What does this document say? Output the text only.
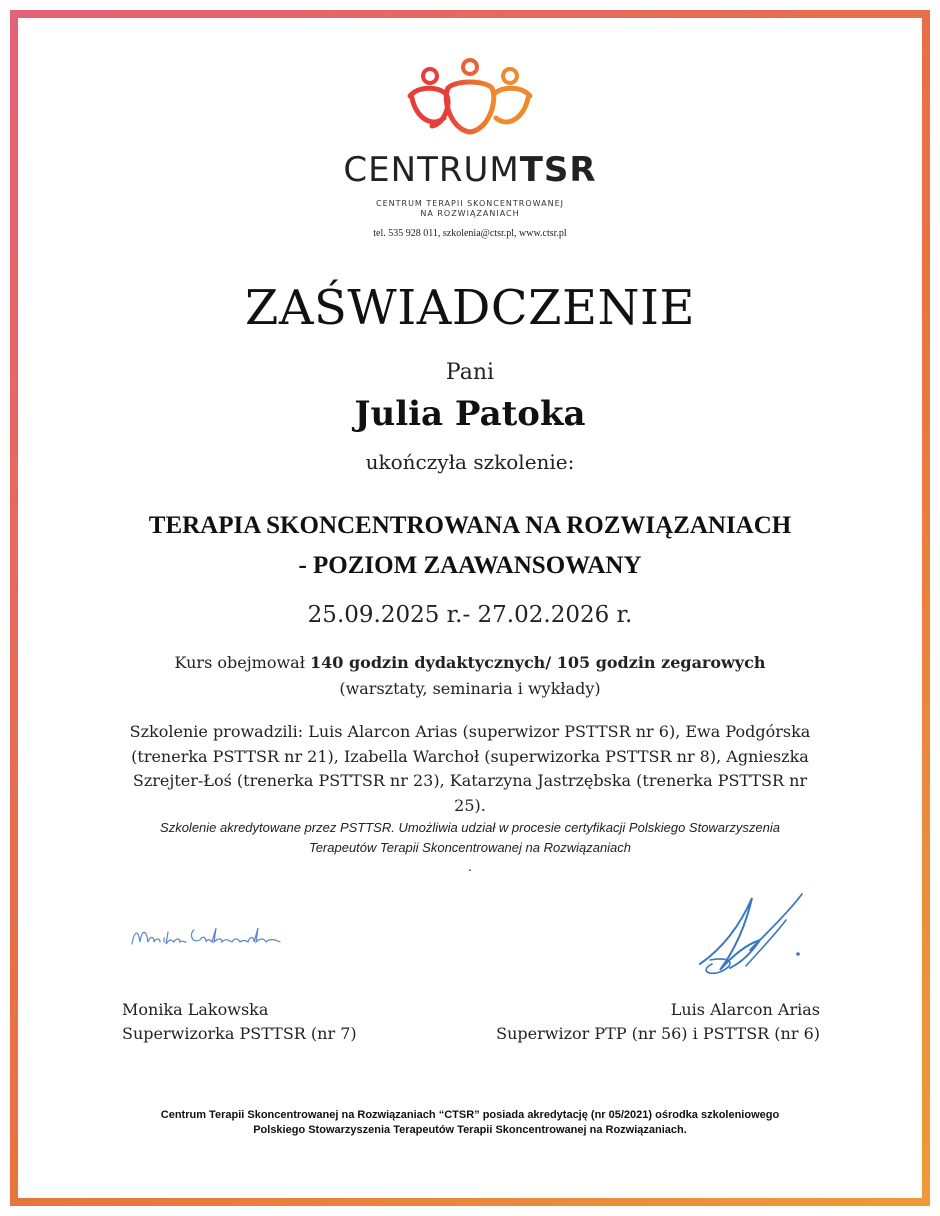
CENTRUMTSR
CENTRUM TERAPII SKONCENTROWANEJ
NA ROZWIĄZANIACH
tel. 535 928 011, szkolenia@ctsr.pl, www.ctsr.pl
ZAŚWIADCZENIE
Pani
Julia Patoka
ukończyła szkolenie:
TERAPIA SKONCENTROWANA NA ROZWIĄZANIACH
- POZIOM ZAAWANSOWANY
25.09.2025 r.- 27.02.2026 r.
Kurs obejmował 140 godzin dydaktycznych/ 105 godzin zegarowych
(warsztaty, seminaria i wykłady)
Szkolenie prowadzili: Luis Alarcon Arias (superwizor PSTTSR nr 6), Ewa Podgórska
(trenerka PSTTSR nr 21), Izabella Warchoł (superwizorka PSTTSR nr 8), Agnieszka
Szrejter-Łoś (trenerka PSTTSR nr 23), Katarzyna Jastrzębska (trenerka PSTTSR nr 25).
Szkolenie akredytowane przez PSTTSR. Umożliwia udział w procesie certyfikacji Polskiego Stowarzyszenia
Terapeutów Terapii Skoncentrowanej na Rozwiązaniach
.
Monika Lakowska
Superwizorka PSTTSR (nr 7)
Luis Alarcon Arias
Superwizor PTP (nr 56) i PSTTSR (nr 6)
Centrum Terapii Skoncentrowanej na Rozwiązaniach “CTSR” posiada akredytację (nr 05/2021) ośrodka szkoleniowego
Polskiego Stowarzyszenia Terapeutów Terapii Skoncentrowanej na Rozwiązaniach.
